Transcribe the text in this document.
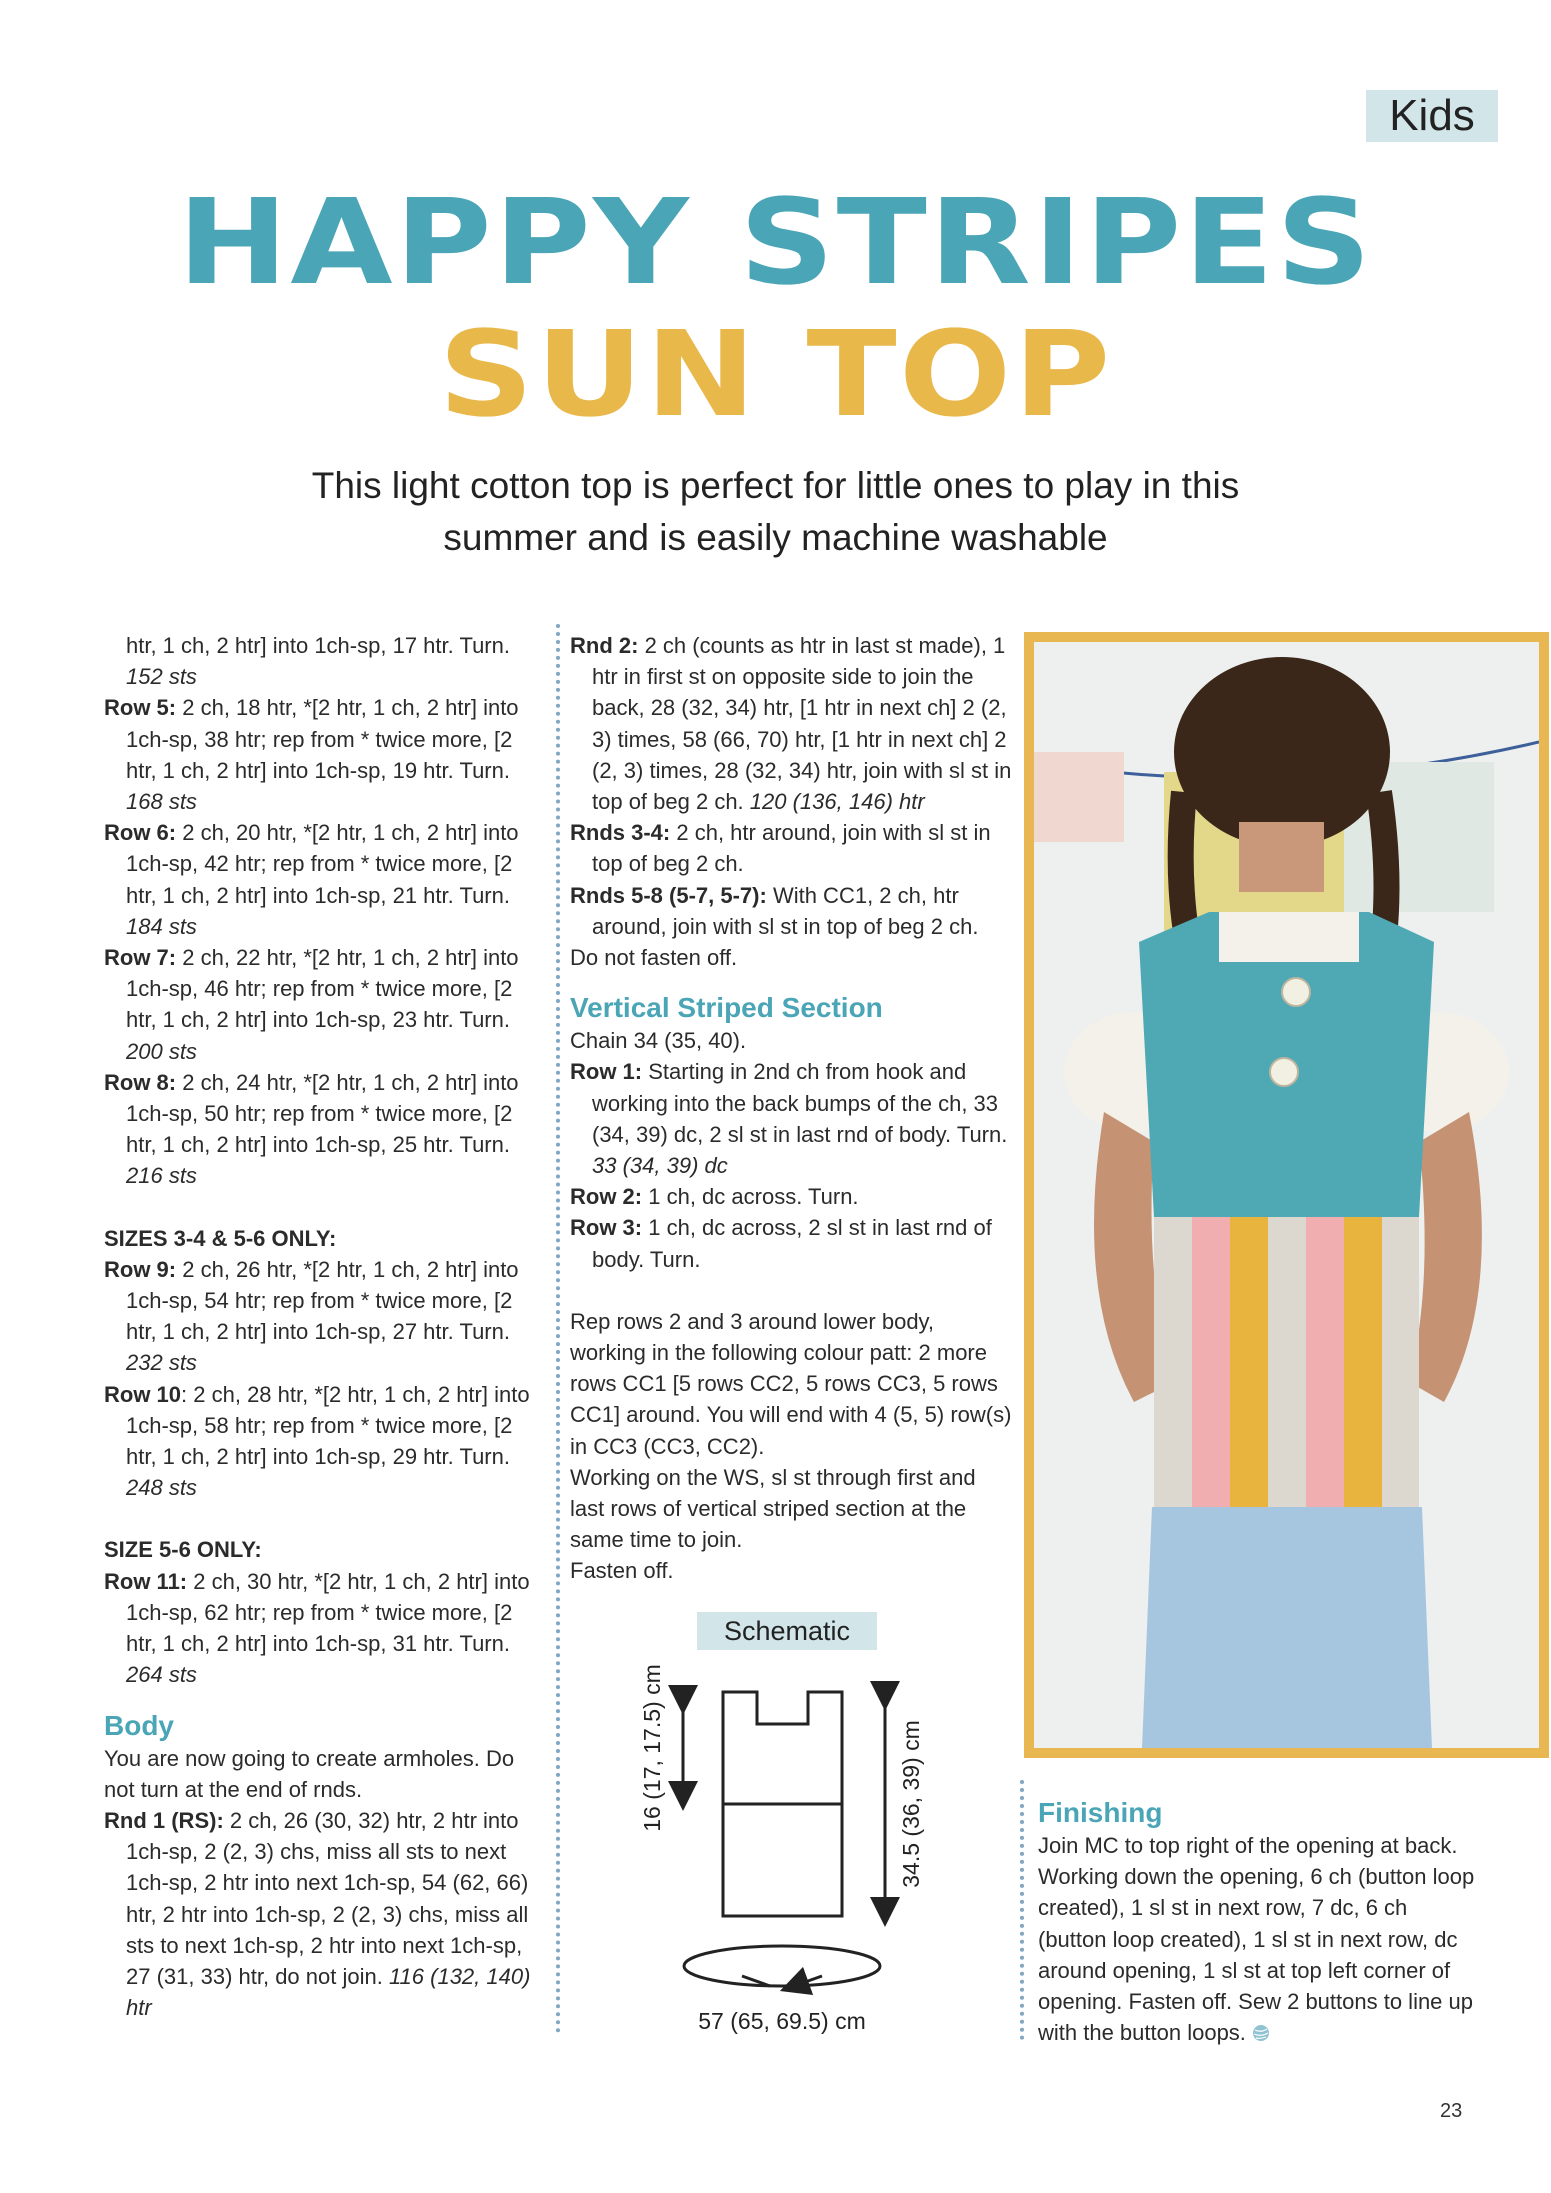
Kids
HAPPY STRIPES
SUN TOP
This light cotton top is perfect for little ones to play in this
summer and is easily machine washable

htr, 1 ch, 2 htr] into 1ch-sp, 17 htr. Turn.
152 sts

Row 5: 2 ch, 18 htr, *[2 htr, 1 ch, 2 htr] into 1ch-sp, 38 htr; rep from * twice more, [2 htr, 1 ch, 2 htr] into 1ch-sp, 19 htr. Turn.
168 sts

Row 6: 2 ch, 20 htr, *[2 htr, 1 ch, 2 htr] into 1ch-sp, 42 htr; rep from * twice more, [2 htr, 1 ch, 2 htr] into 1ch-sp, 21 htr. Turn.
184 sts

Row 7: 2 ch, 22 htr, *[2 htr, 1 ch, 2 htr] into 1ch-sp, 46 htr; rep from * twice more, [2 htr, 1 ch, 2 htr] into 1ch-sp, 23 htr. Turn.
200 sts

Row 8: 2 ch, 24 htr, *[2 htr, 1 ch, 2 htr] into 1ch-sp, 50 htr; rep from * twice more, [2 htr, 1 ch, 2 htr] into 1ch-sp, 25 htr. Turn.
216 sts

SIZES 3-4 & 5-6 ONLY:

Row 9: 2 ch, 26 htr, *[2 htr, 1 ch, 2 htr] into 1ch-sp, 54 htr; rep from * twice more, [2 htr, 1 ch, 2 htr] into 1ch-sp, 27 htr. Turn.
232 sts

Row 10: 2 ch, 28 htr, *[2 htr, 1 ch, 2 htr] into 1ch-sp, 58 htr; rep from * twice more, [2 htr, 1 ch, 2 htr] into 1ch-sp, 29 htr. Turn. 248 sts

SIZE 5-6 ONLY:

Row 11: 2 ch, 30 htr, *[2 htr, 1 ch, 2 htr] into 1ch-sp, 62 htr; rep from * twice more, [2 htr, 1 ch, 2 htr] into 1ch-sp, 31 htr. Turn. 264 sts

Body

You are now going to create armholes. Do not turn at the end of rnds.

Rnd 1 (RS): 2 ch, 26 (30, 32) htr, 2 htr into 1ch-sp, 2 (2, 3) chs, miss all sts to next 1ch-sp, 2 htr into next 1ch-sp, 54 (62, 66) htr, 2 htr into 1ch-sp, 2 (2, 3) chs, miss all sts to next 1ch-sp, 2 htr into next 1ch-sp, 27 (31, 33) htr, do not join. 116 (132, 140) htr

Rnd 2: 2 ch (counts as htr in last st made), 1 htr in first st on opposite side to join the back, 28 (32, 34) htr, [1 htr in next ch] 2 (2, 3) times, 58 (66, 70) htr, [1 htr in next ch] 2 (2, 3) times, 28 (32, 34) htr, join with sl st in top of beg 2 ch. 120 (136, 146) htr

Rnds 3-4: 2 ch, htr around, join with sl st in top of beg 2 ch.

Rnds 5-8 (5-7, 5-7): With CC1, 2 ch, htr around, join with sl st in top of beg 2 ch.

Do not fasten off.

Vertical Striped Section

Chain 34 (35, 40).

Row 1: Starting in 2nd ch from hook and working into the back bumps of the ch, 33 (34, 39) dc, 2 sl st in last rnd of body. Turn. 33 (34, 39) dc

Row 2: 1 ch, dc across. Turn.

Row 3: 1 ch, dc across, 2 sl st in last rnd of body. Turn.

Rep rows 2 and 3 around lower body, working in the following colour patt: 2 more rows CC1 [5 rows CC2, 5 rows CC3, 5 rows CC1] around. You will end with 4 (5, 5) row(s) in CC3 (CC3, CC2).

Working on the WS, sl st through first and last rows of vertical striped section at the same time to join.

Fasten off.

Schematic
16 (17, 17.5) cm	34.5 (36, 39) cm
57 (65, 69.5) cm
Finishing

Join MC to top right of the opening at back. Working down the opening, 6 ch (button loop created), 1 sl st in next row, 7 dc, 6 ch (button loop created), 1 sl st in next row, dc around opening, 1 sl st at top left corner of opening. Fasten off. Sew 2 buttons to line up with the button loops.

23
